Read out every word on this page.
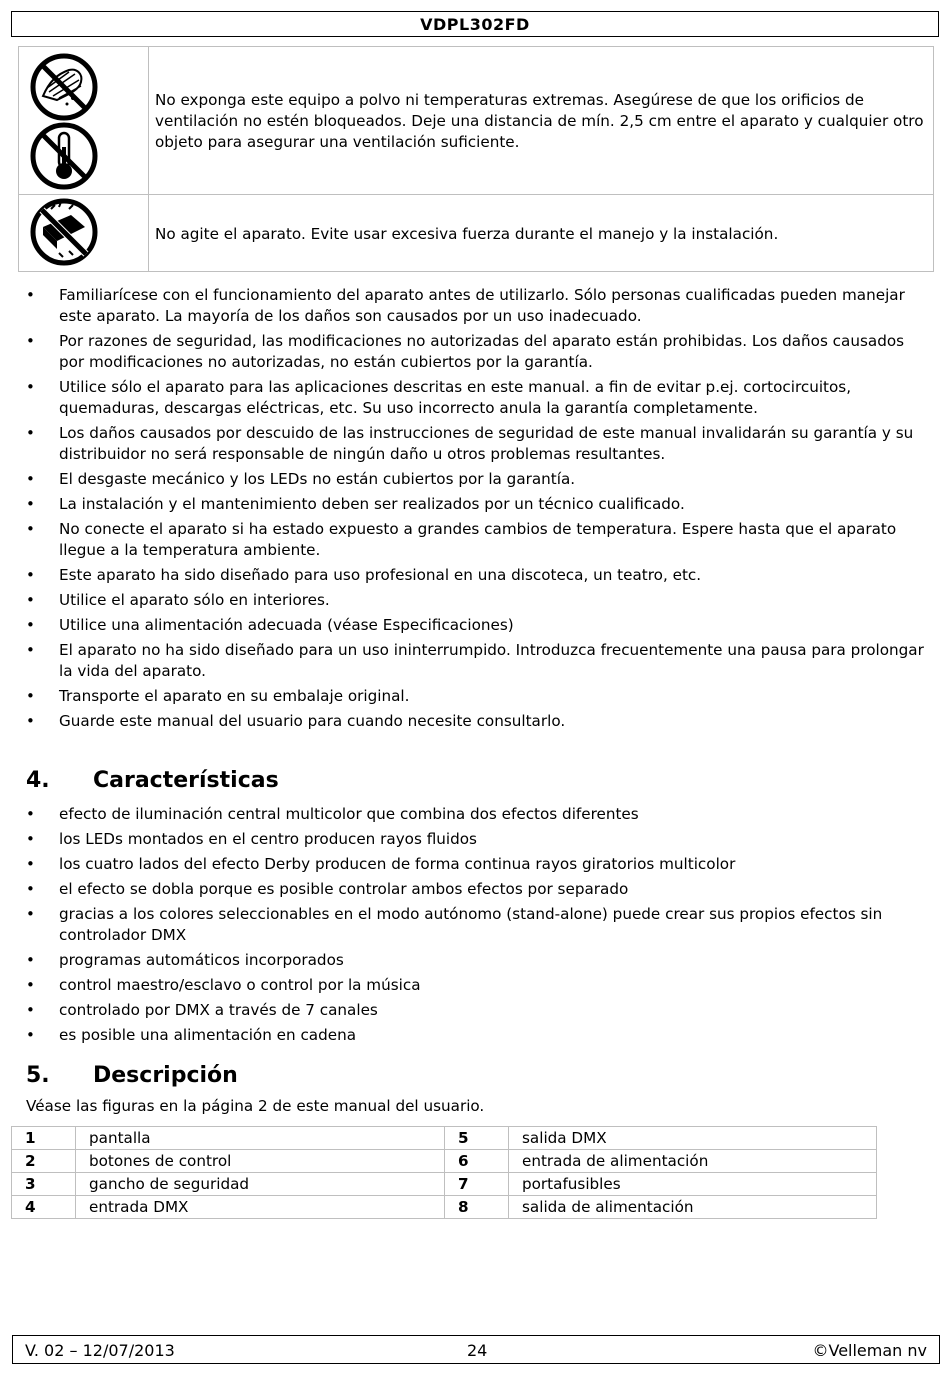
VDPL302FD
No exponga este equipo a polvo ni temperaturas extremas. Asegúrese de que los orificios de ventilación no estén bloqueados. Deje una distancia de mín. 2,5 cm entre el aparato y cualquier otro objeto para asegurar una ventilación suficiente.
No agite el aparato. Evite usar excesiva fuerza durante el manejo y la instalación.
• Familiarícese con el funcionamiento del aparato antes de utilizarlo. Sólo personas cualificadas pueden manejar este aparato. La mayoría de los daños son causados por un uso inadecuado.
• Por razones de seguridad, las modificaciones no autorizadas del aparato están prohibidas. Los daños causados por modificaciones no autorizadas, no están cubiertos por la garantía.
• Utilice sólo el aparato para las aplicaciones descritas en este manual. a fin de evitar p.ej. cortocircuitos, quemaduras, descargas eléctricas, etc. Su uso incorrecto anula la garantía completamente.
• Los daños causados por descuido de las instrucciones de seguridad de este manual invalidarán su garantía y su distribuidor no será responsable de ningún daño u otros problemas resultantes.
• El desgaste mecánico y los LEDs no están cubiertos por la garantía.
• La instalación y el mantenimiento deben ser realizados por un técnico cualificado.
• No conecte el aparato si ha estado expuesto a grandes cambios de temperatura. Espere hasta que el aparato llegue a la temperatura ambiente.
• Este aparato ha sido diseñado para uso profesional en una discoteca, un teatro, etc.
• Utilice el aparato sólo en interiores.
• Utilice una alimentación adecuada (véase Especificaciones)
• El aparato no ha sido diseñado para un uso ininterrumpido. Introduzca frecuentemente una pausa para prolongar la vida del aparato.
• Transporte el aparato en su embalaje original.
• Guarde este manual del usuario para cuando necesite consultarlo.
4. Características
• efecto de iluminación central multicolor que combina dos efectos diferentes
• los LEDs montados en el centro producen rayos fluidos
• los cuatro lados del efecto Derby producen de forma continua rayos giratorios multicolor
• el efecto se dobla porque es posible controlar ambos efectos por separado
• gracias a los colores seleccionables en el modo autónomo (stand-alone) puede crear sus propios efectos sin controlador DMX
• programas automáticos incorporados
• control maestro/esclavo o control por la música
• controlado por DMX a través de 7 canales
• es posible una alimentación en cadena
5. Descripción
Véase las figuras en la página 2 de este manual del usuario.
1	pantalla	5	salida DMX
2	botones de control	6	entrada de alimentación
3	gancho de seguridad	7	portafusibles
4	entrada DMX	8	salida de alimentación
V. 02 – 12/07/2013	24	©Velleman nv
